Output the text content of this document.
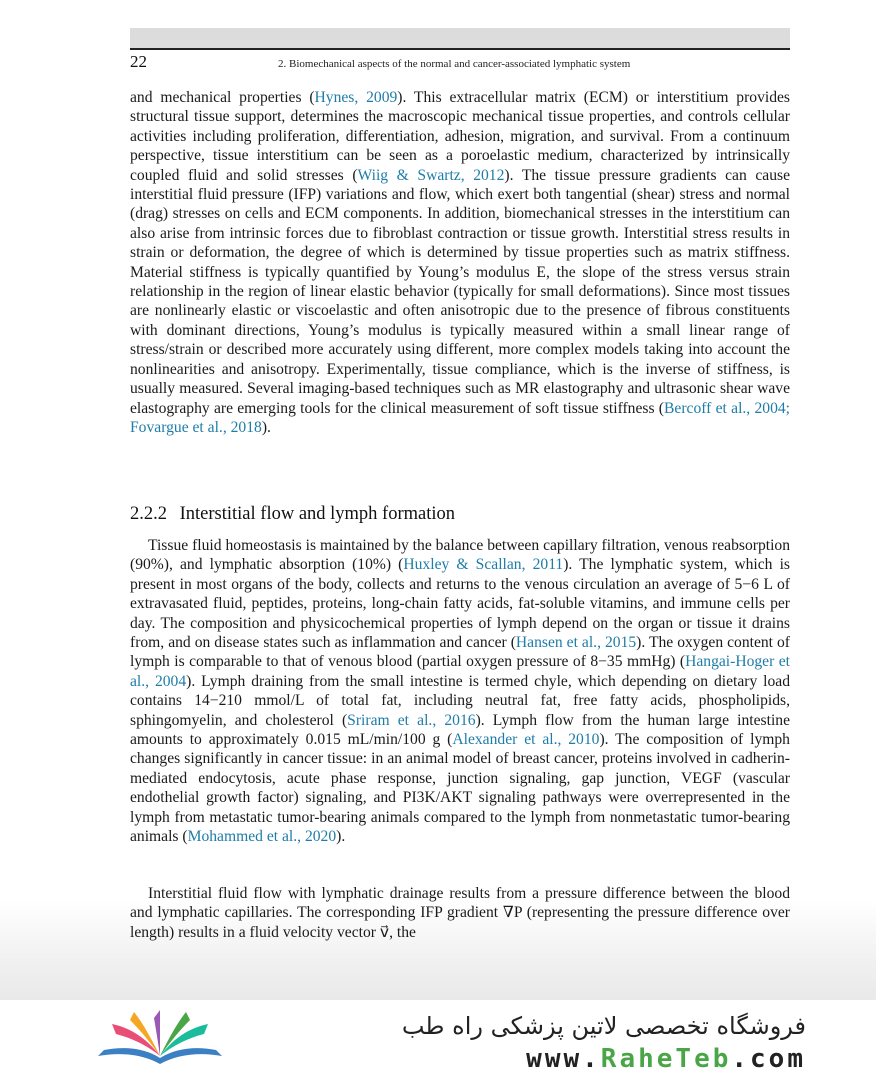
22	2. Biomechanical aspects of the normal and cancer-associated lymphatic system
and mechanical properties (Hynes, 2009). This extracellular matrix (ECM) or interstitium provides structural tissue support, determines the macroscopic mechanical tissue properties, and controls cellular activities including proliferation, differentiation, adhesion, migration, and survival. From a continuum perspective, tissue interstitium can be seen as a poroelastic medium, characterized by intrinsically coupled fluid and solid stresses (Wiig & Swartz, 2012). The tissue pressure gradients can cause interstitial fluid pressure (IFP) variations and flow, which exert both tangential (shear) stress and normal (drag) stresses on cells and ECM components. In addition, biomechanical stresses in the interstitium can also arise from intrinsic forces due to fibroblast contraction or tissue growth. Interstitial stress results in strain or deformation, the degree of which is determined by tissue properties such as matrix stiffness. Material stiffness is typically quantified by Young’s modulus E, the slope of the stress versus strain relationship in the region of linear elastic behavior (typically for small deformations). Since most tissues are nonlinearly elastic or viscoelastic and often anisotropic due to the presence of fibrous constituents with dominant directions, Young’s modulus is typically measured within a small linear range of stress/strain or described more accurately using different, more complex models taking into account the nonlinearities and anisotropy. Experimentally, tissue compliance, which is the inverse of stiffness, is usually measured. Several imaging-based techniques such as MR elastography and ultrasonic shear wave elastography are emerging tools for the clinical measurement of soft tissue stiffness (Bercoff et al., 2004; Fovargue et al., 2018).
2.2.2 Interstitial flow and lymph formation
Tissue fluid homeostasis is maintained by the balance between capillary filtration, venous reabsorption (90%), and lymphatic absorption (10%) (Huxley & Scallan, 2011). The lymphatic system, which is present in most organs of the body, collects and returns to the venous circulation an average of 5−6 L of extravasated fluid, peptides, proteins, long-chain fatty acids, fat-soluble vitamins, and immune cells per day. The composition and physicochemical properties of lymph depend on the organ or tissue it drains from, and on disease states such as inflammation and cancer (Hansen et al., 2015). The oxygen content of lymph is comparable to that of venous blood (partial oxygen pressure of 8−35 mmHg) (Hangai-Hoger et al., 2004). Lymph draining from the small intestine is termed chyle, which depending on dietary load contains 14−210 mmol/L of total fat, including neutral fat, free fatty acids, phospholipids, sphingomyelin, and cholesterol (Sriram et al., 2016). Lymph flow from the human large intestine amounts to approximately 0.015 mL/min/100 g (Alexander et al., 2010). The composition of lymph changes significantly in cancer tissue: in an animal model of breast cancer, proteins involved in cadherin-mediated endocytosis, acute phase response, junction signaling, gap junction, VEGF (vascular endothelial growth factor) signaling, and PI3K/AKT signaling pathways were overrepresented in the lymph from metastatic tumor-bearing animals compared to the lymph from nonmetastatic tumor-bearing animals (Mohammed et al., 2020).
Interstitial fluid flow with lymphatic drainage results from a pressure difference between the blood and lymphatic capillaries. The corresponding IFP gradient ∇P (representing the pressure difference over length) results in a fluid velocity vector v⃗, the
فروشگاه تخصصی لاتین پزشکی راه طب
www.RaheTeb.com
